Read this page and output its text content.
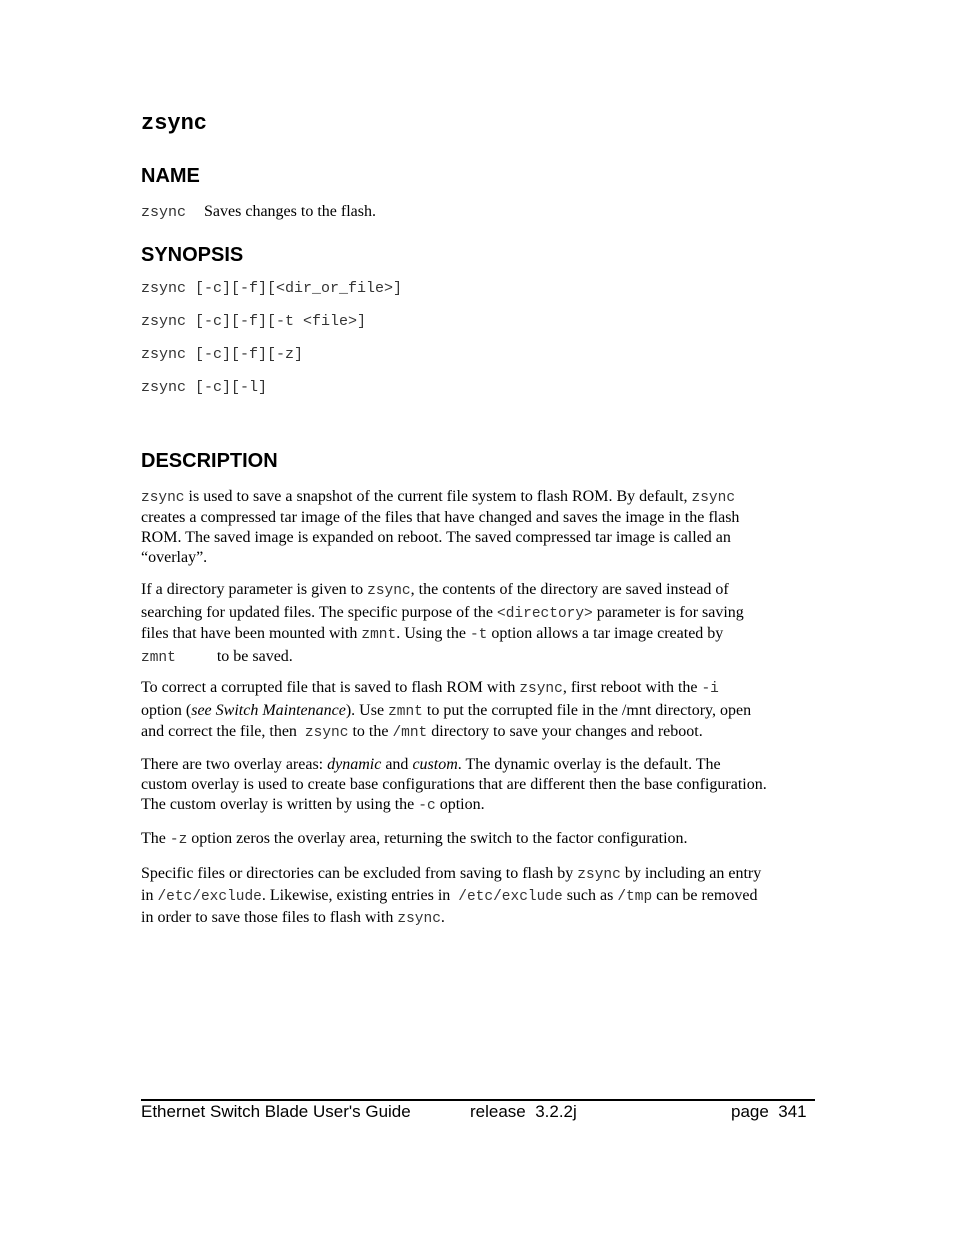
zsync
NAME
zsync Saves changes to the flash.
SYNOPSIS
zsync [-c][-f][<dir_or_file>]
zsync [-c][-f][-t <file>]
zsync [-c][-f][-z]
zsync [-c][-l]
DESCRIPTION
zsync is used to save a snapshot of the current file system to flash ROM. By default, zsync
creates a compressed tar image of the files that have changed and saves the image in the flash
ROM. The saved image is expanded on reboot. The saved compressed tar image is called an
“overlay”.
If a directory parameter is given to zsync, the contents of the directory are saved instead of
searching for updated files. The specific purpose of the <directory> parameter is for saving
files that have been mounted with zmnt. Using the -t option allows a tar image created by
zmnt	to be saved.
To correct a corrupted file that is saved to flash ROM with zsync, first reboot with the -i
option (see Switch Maintenance). Use zmnt to put the corrupted file in the /mnt directory, open
and correct the file, then  zsync to the /mnt directory to save your changes and reboot.
There are two overlay areas: dynamic and custom. The dynamic overlay is the default. The
custom overlay is used to create base configurations that are different then the base configuration.
The custom overlay is written by using the -c option.
The -z option zeros the overlay area, returning the switch to the factor configuration.
Specific files or directories can be excluded from saving to flash by zsync by including an entry
in /etc/exclude. Likewise, existing entries in  /etc/exclude such as /tmp can be removed
in order to save those files to flash with zsync.
Ethernet Switch Blade User's Guide	release  3.2.2j	page  341
